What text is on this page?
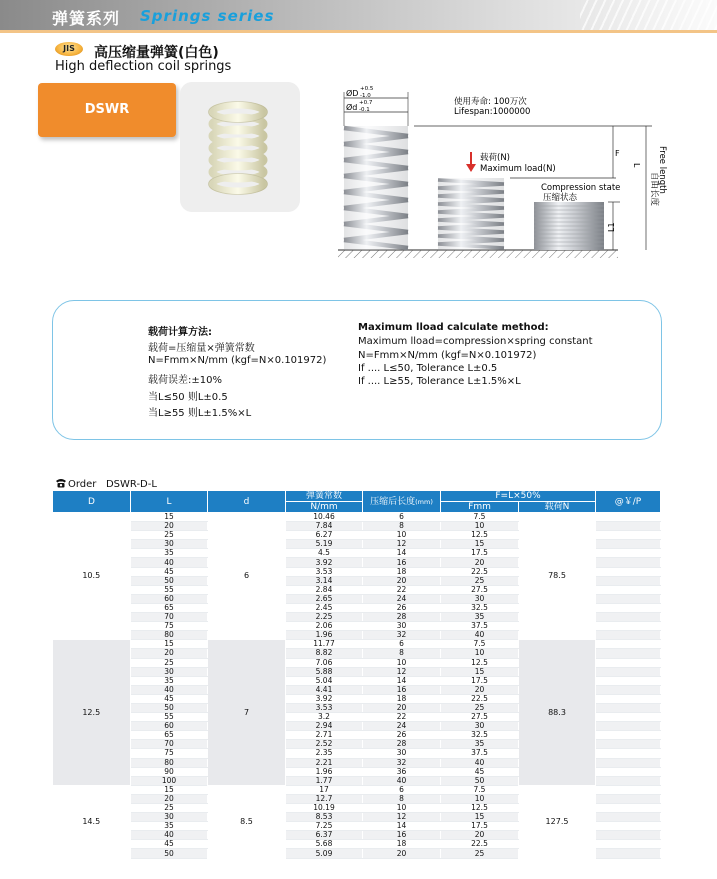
弹簧系列 Springs series
JIS	高压缩量弹簧(白色)
High deflection coil springs
DSWR
ØD +0.5
-1.0
Ød +0.7
-0.1
使用寿命: 100万次
Lifespan:1000000
载荷(N)
Maximum load(N)
Compression state
压缩状态
F
L1
L
自由长度
Free length
载荷计算方法:
载荷=压缩量×弹簧常数
N=Fmm×N/mm (kgf=N×0.101972)
载荷误差:±10%
当L≤50 则L±0.5
当L≥55 则L±1.5%×L
Maximum lload calculate method:
Maximum lload=compression×spring constant
N=Fmm×N/mm (kgf=N×0.101972)
If .... L≤50, Tolerance L±0.5
If .... L≥55, Tolerance L±1.5%×L
Order DSWR-D-L
D	L	d	弹簧常数	压缩后长度(mm)	F=L×50%		@￥/P
			N/mm		Fmm	载荷N	
10.5	15	6	10.46	6	7.5	78.5	
	20		7.84	8	10		
	25		6.27	10	12.5		
	30		5.19	12	15		
	35		4.5	14	17.5		
	40		3.92	16	20		
	45		3.53	18	22.5		
	50		3.14	20	25		
	55		2.84	22	27.5		
	60		2.65	24	30		
	65		2.45	26	32.5		
	70		2.25	28	35		
	75		2.06	30	37.5		
	80		1.96	32	40		
12.5	15	7	11.77	6	7.5	88.3	
	20		8.82	8	10		
	25		7.06	10	12.5		
	30		5.88	12	15		
	35		5.04	14	17.5		
	40		4.41	16	20		
	45		3.92	18	22.5		
	50		3.53	20	25		
	55		3.2	22	27.5		
	60		2.94	24	30		
	65		2.71	26	32.5		
	70		2.52	28	35		
	75		2.35	30	37.5		
	80		2.21	32	40		
	90		1.96	36	45		
	100		1.77	40	50		
14.5	15	8.5	17	6	7.5	127.5	
	20		12.7	8	10		
	25		10.19	10	12.5		
	30		8.53	12	15		
	35		7.25	14	17.5		
	40		6.37	16	20		
	45		5.68	18	22.5		
	50		5.09	20	25		
